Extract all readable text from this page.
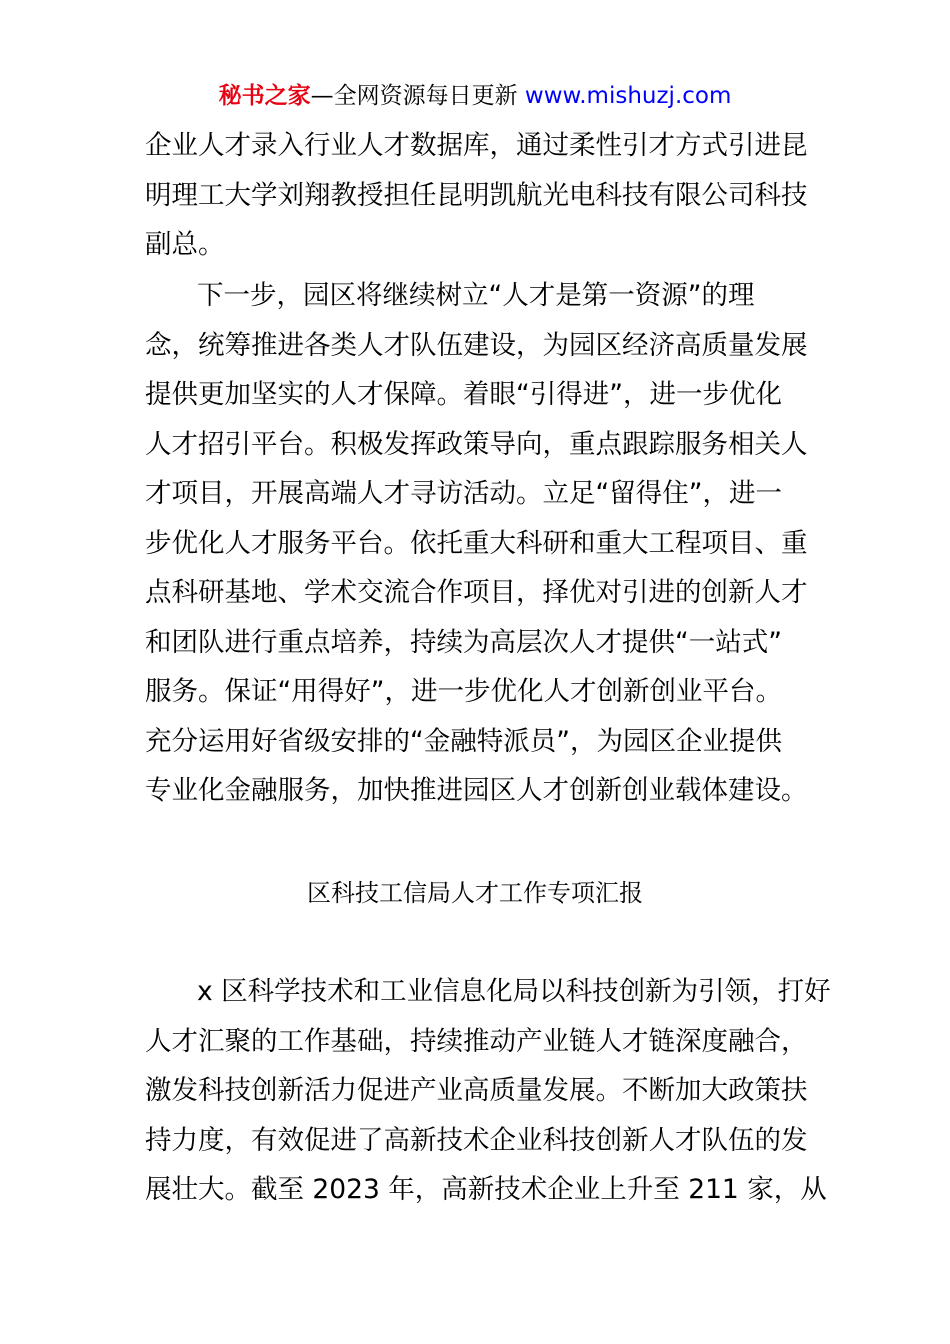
秘书之家—全网资源每日更新 www.mishuzj.com
企业人才录入行业人才数据库，通过柔性引才方式引进昆
明理工大学刘翔教授担任昆明凯航光电科技有限公司科技
副总。
下一步，园区将继续树立“人才是第一资源”的理
念，统筹推进各类人才队伍建设，为园区经济高质量发展
提供更加坚实的人才保障。着眼“引得进”，进一步优化
人才招引平台。积极发挥政策导向，重点跟踪服务相关人
才项目，开展高端人才寻访活动。立足“留得住”，进一
步优化人才服务平台。依托重大科研和重大工程项目、重
点科研基地、学术交流合作项目，择优对引进的创新人才
和团队进行重点培养，持续为高层次人才提供“一站式”
服务。保证“用得好”，进一步优化人才创新创业平台。
充分运用好省级安排的“金融特派员”，为园区企业提供
专业化金融服务，加快推进园区人才创新创业载体建设。
区科技工信局人才工作专项汇报
x 区科学技术和工业信息化局以科技创新为引领，打好
人才汇聚的工作基础，持续推动产业链人才链深度融合，
激发科技创新活力促进产业高质量发展。不断加大政策扶
持力度，有效促进了高新技术企业科技创新人才队伍的发
展壮大。截至 2023 年，高新技术企业上升至 211 家，从
